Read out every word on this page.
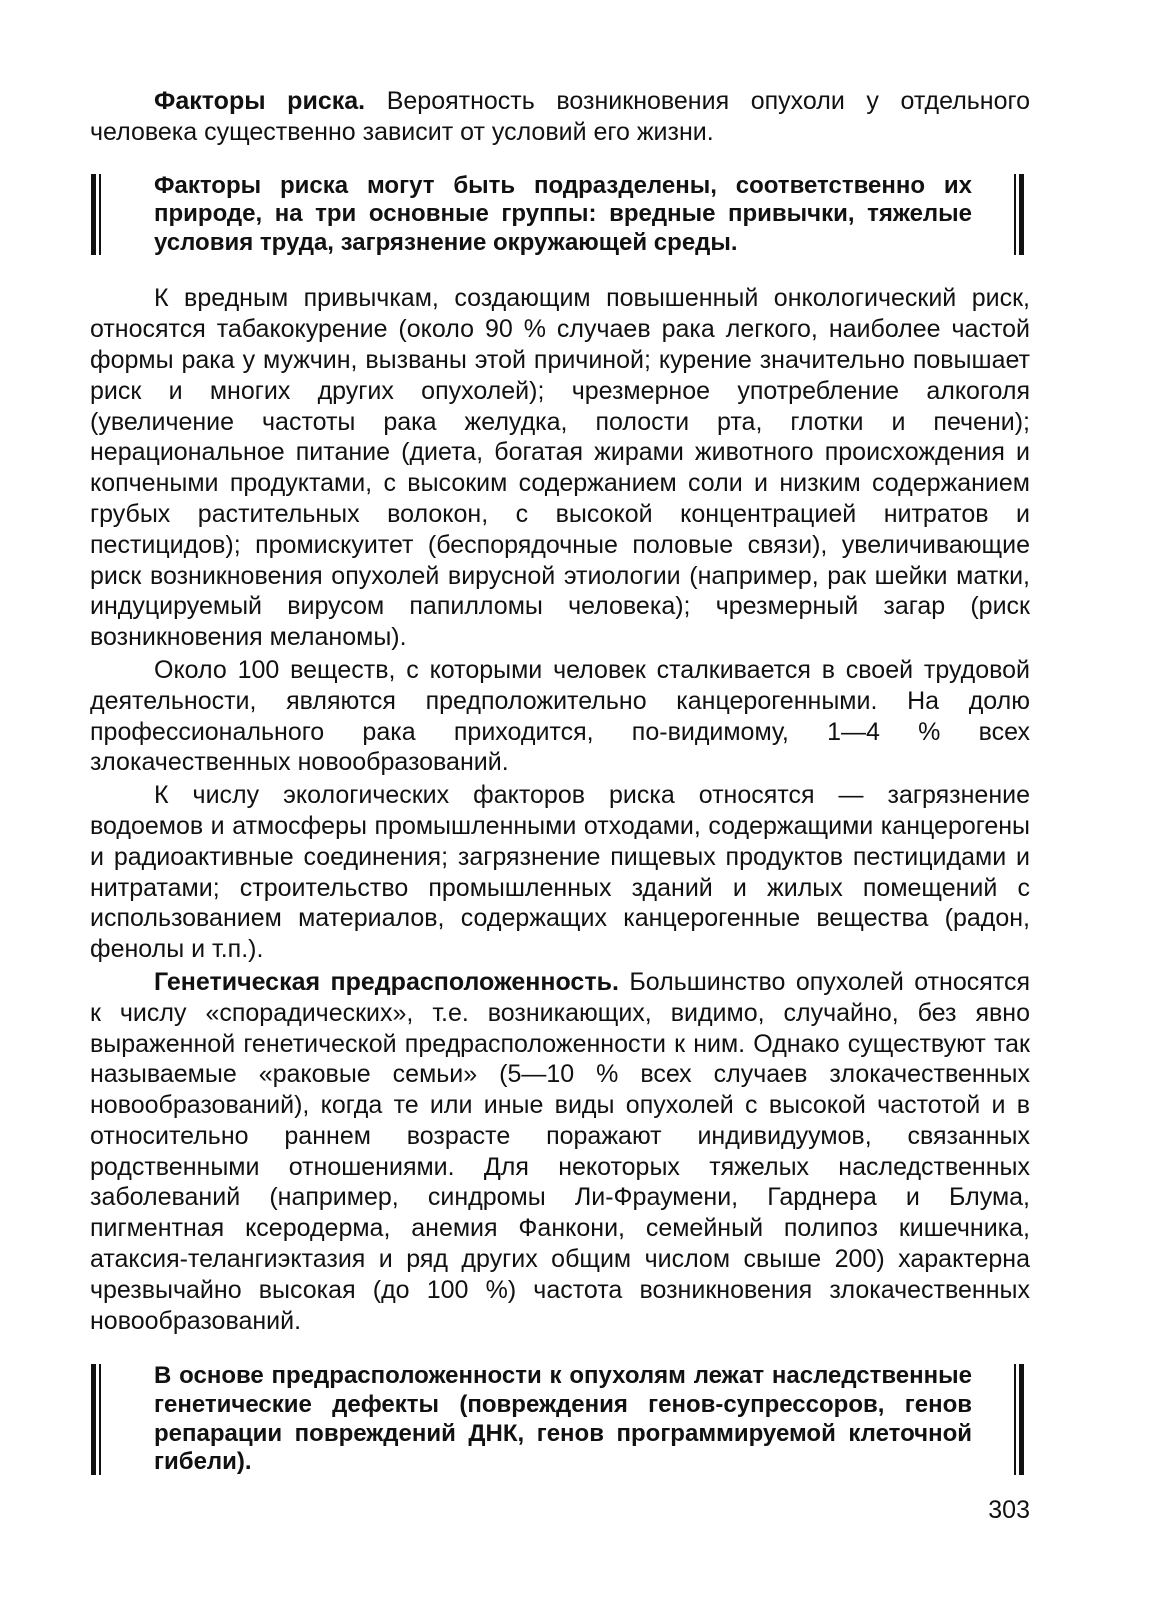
Факторы риска. Вероятность возникновения опухоли у отдельного человека существенно зависит от условий его жизни.

Факторы риска могут быть подразделены, соответственно их природе, на три основные группы: вредные привычки, тяжелые условия труда, загрязнение окружающей среды.

К вредным привычкам, создающим повышенный онкологический риск, относятся табакокурение (около 90 % случаев рака легкого, наиболее частой формы рака у мужчин, вызваны этой причиной; курение значительно повышает риск и многих других опухолей); чрезмерное употребление алкоголя (увеличение частоты рака желудка, полости рта, глотки и печени); нерациональное питание (диета, богатая жирами животного происхождения и копчеными продуктами, с высоким содержанием соли и низким содержанием грубых растительных волокон, с высокой концентрацией нитратов и пестицидов); промискуитет (беспорядочные половые связи), увеличивающие риск возникновения опухолей вирусной этиологии (например, рак шейки матки, индуцируемый вирусом папилломы человека); чрезмерный загар (риск возникновения меланомы).

Около 100 веществ, с которыми человек сталкивается в своей трудовой деятельности, являются предположительно канцерогенными. На долю профессионального рака приходится, по-видимому, 1—4 % всех злокачественных новообразований.

К числу экологических факторов риска относятся — загрязнение водоемов и атмосферы промышленными отходами, содержащими канцерогены и радиоактивные соединения; загрязнение пищевых продуктов пестицидами и нитратами; строительство промышленных зданий и жилых помещений с использованием материалов, содержащих канцерогенные вещества (радон, фенолы и т.п.).

Генетическая предрасположенность. Большинство опухолей относятся к числу «спорадических», т.е. возникающих, видимо, случайно, без явно выраженной генетической предрасположенности к ним. Однако существуют так называемые «раковые семьи» (5—10 % всех случаев злокачественных новообразований), когда те или иные виды опухолей с высокой частотой и в относительно раннем возрасте поражают индивидуумов, связанных родственными отношениями. Для некоторых тяжелых наследственных заболеваний (например, синдромы Ли-Фраумени, Гарднера и Блума, пигментная ксеродерма, анемия Фанкони, семейный полипоз кишечника, атаксия-телангиэктазия и ряд других общим числом свыше 200) характерна чрезвычайно высокая (до 100 %) частота возникновения злокачественных новообразований.

В основе предрасположенности к опухолям лежат наследственные генетические дефекты (повреждения генов-супрессоров, генов репарации повреждений ДНК, генов программируемой клеточной гибели).

303
